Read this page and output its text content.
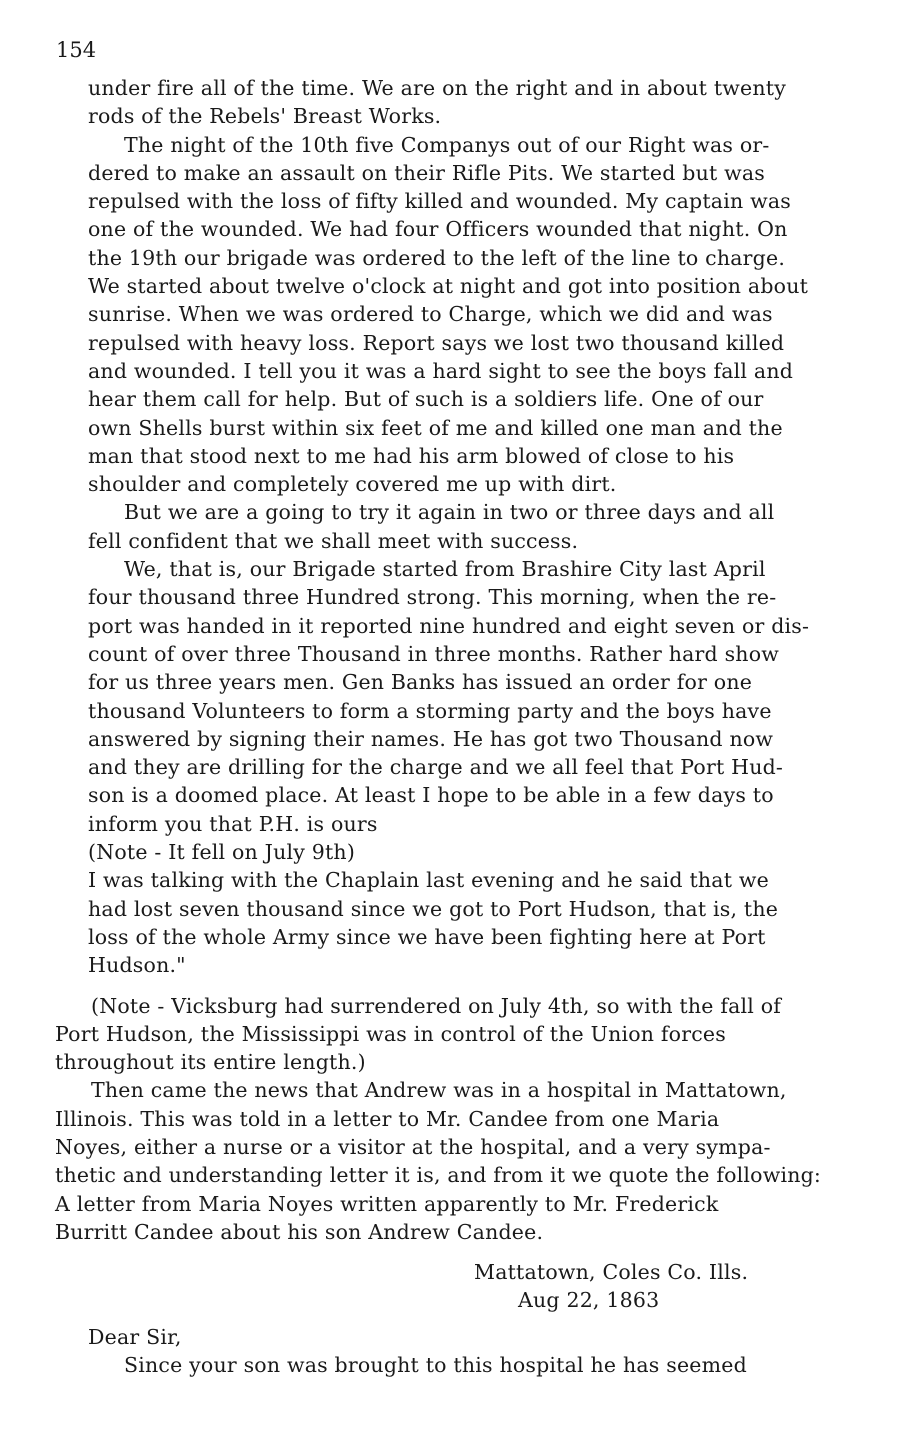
154
under fire all of the time. We are on the right and in about twenty
rods of the Rebels' Breast Works.
The night of the 10th five Companys out of our Right was or-
dered to make an assault on their Rifle Pits. We started but was
repulsed with the loss of fifty killed and wounded. My captain was
one of the wounded. We had four Officers wounded that night. On
the 19th our brigade was ordered to the left of the line to charge.
We started about twelve o'clock at night and got into position about
sunrise. When we was ordered to Charge, which we did and was
repulsed with heavy loss. Report says we lost two thousand killed
and wounded. I tell you it was a hard sight to see the boys fall and
hear them call for help. But of such is a soldiers life. One of our
own Shells burst within six feet of me and killed one man and the
man that stood next to me had his arm blowed of close to his
shoulder and completely covered me up with dirt.
But we are a going to try it again in two or three days and all
fell confident that we shall meet with success.
We, that is, our Brigade started from Brashire City last April
four thousand three Hundred strong. This morning, when the re-
port was handed in it reported nine hundred and eight seven or dis-
count of over three Thousand in three months. Rather hard show
for us three years men. Gen Banks has issued an order for one
thousand Volunteers to form a storming party and the boys have
answered by signing their names. He has got two Thousand now
and they are drilling for the charge and we all feel that Port Hud-
son is a doomed place. At least I hope to be able in a few days to
inform you that P.H. is ours
(Note - It fell on July 9th)
I was talking with the Chaplain last evening and he said that we
had lost seven thousand since we got to Port Hudson, that is, the
loss of the whole Army since we have been fighting here at Port
Hudson."
(Note - Vicksburg had surrendered on July 4th, so with the fall of
Port Hudson, the Mississippi was in control of the Union forces
throughout its entire length.)
Then came the news that Andrew was in a hospital in Mattatown,
Illinois. This was told in a letter to Mr. Candee from one Maria
Noyes, either a nurse or a visitor at the hospital, and a very sympa-
thetic and understanding letter it is, and from it we quote the following:
A letter from Maria Noyes written apparently to Mr. Frederick
Burritt Candee about his son Andrew Candee.
Mattatown, Coles Co. Ills.
Aug 22, 1863
Dear Sir,
Since your son was brought to this hospital he has seemed
